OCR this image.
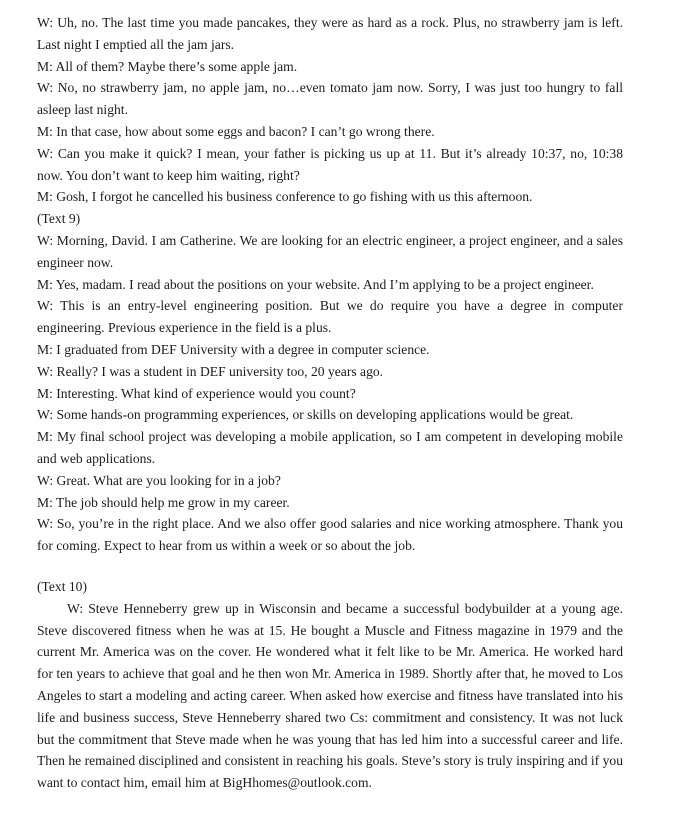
W: Uh, no. The last time you made pancakes, they were as hard as a rock. Plus, no strawberry jam is left. Last night I emptied all the jam jars.

M: All of them? Maybe there’s some apple jam.

W: No, no strawberry jam, no apple jam, no…even tomato jam now. Sorry, I was just too hungry to fall asleep last night.

M: In that case, how about some eggs and bacon? I can’t go wrong there.

W: Can you make it quick? I mean, your father is picking us up at 11. But it’s already 10:37, no, 10:38 now. You don’t want to keep him waiting, right?

M: Gosh, I forgot he cancelled his business conference to go fishing with us this afternoon.

(Text 9)

W: Morning, David. I am Catherine. We are looking for an electric engineer, a project engineer, and a sales engineer now.

M: Yes, madam. I read about the positions on your website. And I’m applying to be a project engineer.

W: This is an entry-level engineering position. But we do require you have a degree in computer engineering. Previous experience in the field is a plus.

M: I graduated from DEF University with a degree in computer science.

W: Really? I was a student in DEF university too, 20 years ago.

M: Interesting. What kind of experience would you count?

W: Some hands-on programming experiences, or skills on developing applications would be great.

M: My final school project was developing a mobile application, so I am competent in developing mobile and web applications.

W: Great. What are you looking for in a job?

M: The job should help me grow in my career.

W: So, you’re in the right place. And we also offer good salaries and nice working atmosphere. Thank you for coming. Expect to hear from us within a week or so about the job.

(Text 10)

W: Steve Henneberry grew up in Wisconsin and became a successful bodybuilder at a young age. Steve discovered fitness when he was at 15. He bought a Muscle and Fitness magazine in 1979 and the current Mr. America was on the cover. He wondered what it felt like to be Mr. America. He worked hard for ten years to achieve that goal and he then won Mr. America in 1989. Shortly after that, he moved to Los Angeles to start a modeling and acting career. When asked how exercise and fitness have translated into his life and business success, Steve Henneberry shared two Cs: commitment and consistency. It was not luck but the commitment that Steve made when he was young that has led him into a successful career and life. Then he remained disciplined and consistent in reaching his goals. Steve’s story is truly inspiring and if you want to contact him, email him at BigHhomes@outlook.com.
